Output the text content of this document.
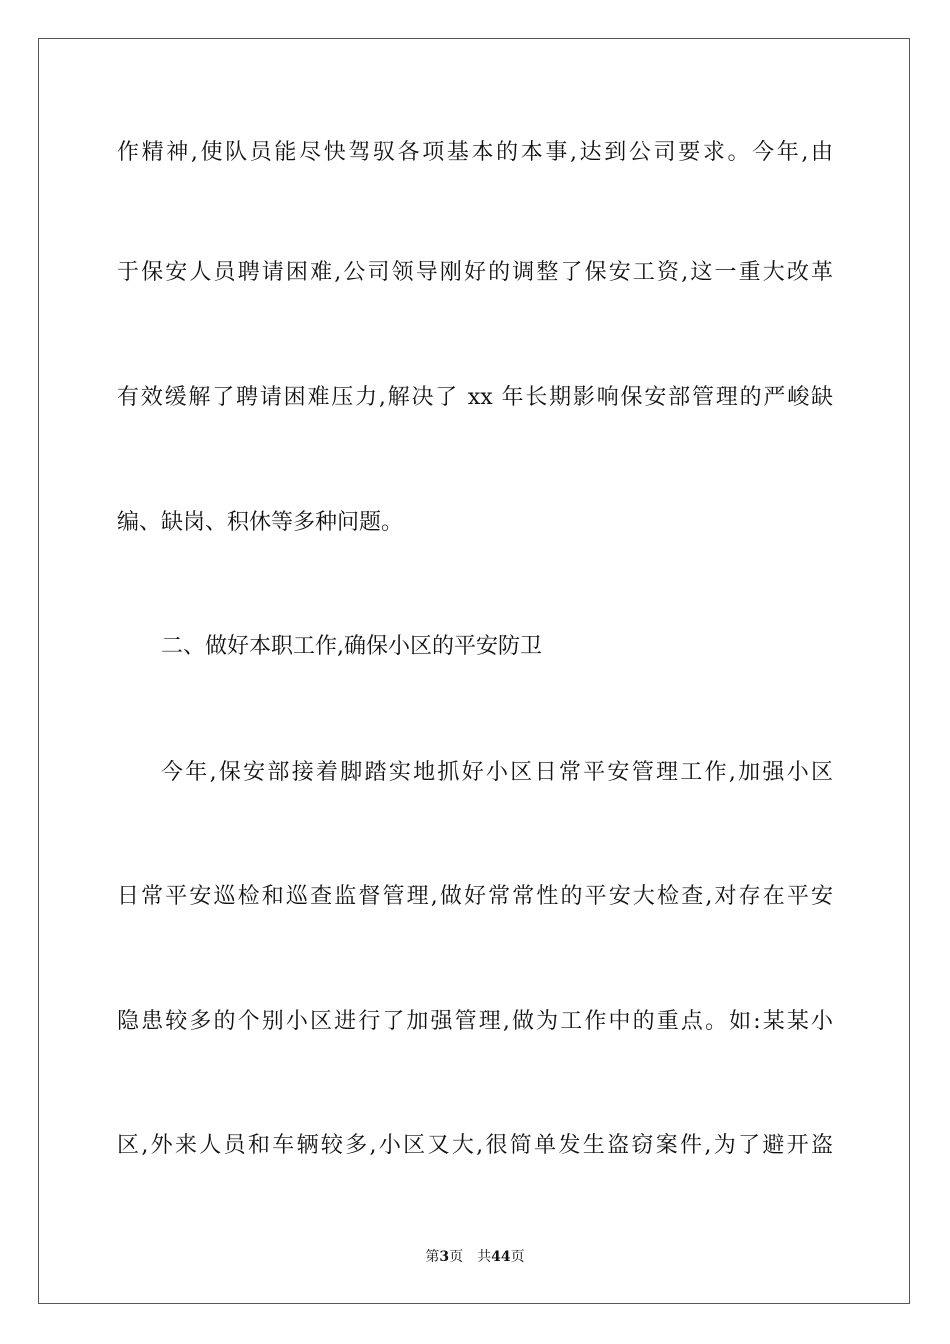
作精神,使队员能尽快驾驭各项基本的本事,达到公司要求。今年,由
于保安人员聘请困难,公司领导刚好的调整了保安工资,这一重大改革
有效缓解了聘请困难压力,解决了 xx 年长期影响保安部管理的严峻缺
编、缺岗、积休等多种问题。
二、做好本职工作,确保小区的平安防卫
今年,保安部接着脚踏实地抓好小区日常平安管理工作,加强小区
日常平安巡检和巡查监督管理,做好常常性的平安大检查,对存在平安
隐患较多的个别小区进行了加强管理,做为工作中的重点。如:某某小
区,外来人员和车辆较多,小区又大,很简单发生盗窃案件,为了避开盗
第3页 共44页
